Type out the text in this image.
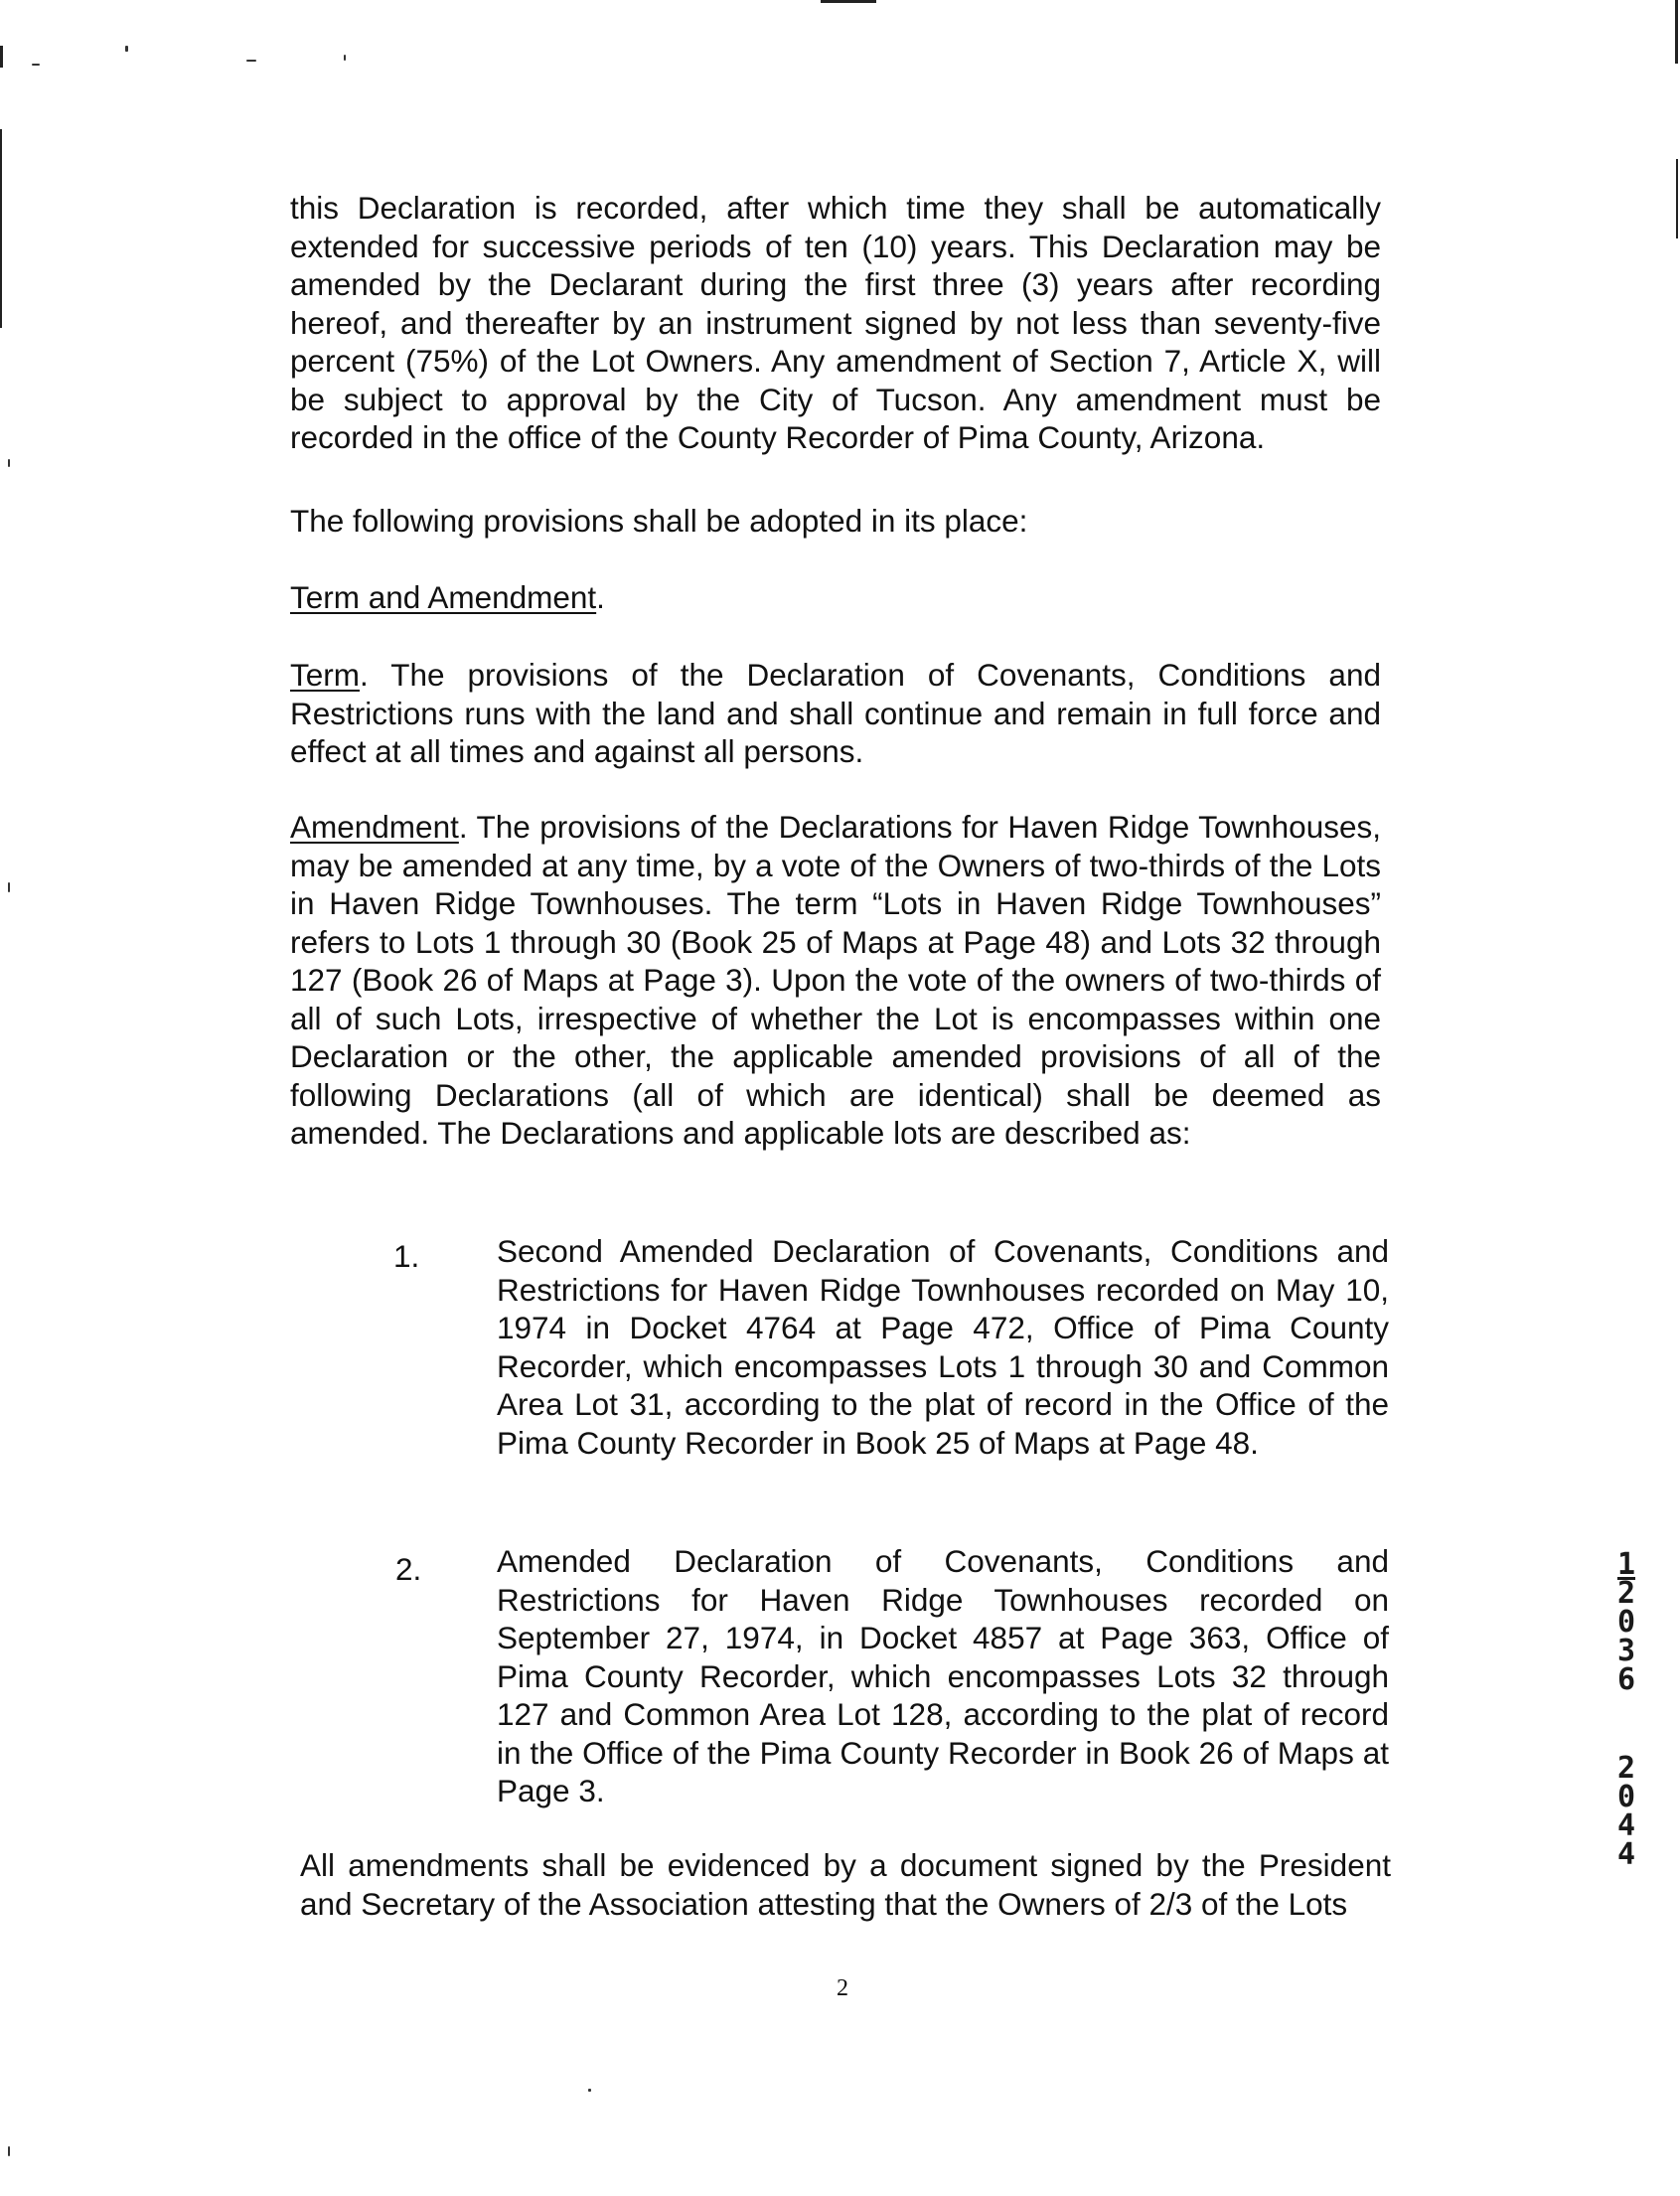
this Declaration is recorded, after which time they shall be automatically extended for successive periods of ten (10) years. This Declaration may be amended by the Declarant during the first three (3) years after recording hereof, and thereafter by an instrument signed by not less than seventy-five percent (75%) of the Lot Owners. Any amendment of Section 7, Article X, will be subject to approval by the City of Tucson. Any amendment must be recorded in the office of the County Recorder of Pima County, Arizona.

The following provisions shall be adopted in its place:

Term and Amendment.

Term. The provisions of the Declaration of Covenants, Conditions and Restrictions runs with the land and shall continue and remain in full force and effect at all times and against all persons.

Amendment. The provisions of the Declarations for Haven Ridge Townhouses, may be amended at any time, by a vote of the Owners of two-thirds of the Lots in Haven Ridge Townhouses. The term “Lots in Haven Ridge Townhouses” refers to Lots 1 through 30 (Book 25 of Maps at Page 48) and Lots 32 through 127 (Book 26 of Maps at Page 3). Upon the vote of the owners of two-thirds of all of such Lots, irrespective of whether the Lot is encompasses within one Declaration or the other, the applicable amended provisions of all of the following Declarations (all of which are identical) shall be deemed as amended. The Declarations and applicable lots are described as:

1. Second Amended Declaration of Covenants, Conditions and Restrictions for Haven Ridge Townhouses recorded on May 10, 1974 in Docket 4764 at Page 472, Office of Pima County Recorder, which encompasses Lots 1 through 30 and Common Area Lot 31, according to the plat of record in the Office of the Pima County Recorder in Book 25 of Maps at Page 48.

2. Amended Declaration of Covenants, Conditions and Restrictions for Haven Ridge Townhouses recorded on September 27, 1974, in Docket 4857 at Page 363, Office of Pima County Recorder, which encompasses Lots 32 through 127 and Common Area Lot 128, according to the plat of record in the Office of the Pima County Recorder in Book 26 of Maps at Page 3.

All amendments shall be evidenced by a document signed by the President and Secretary of the Association attesting that the Owners of 2/3 of the Lots

2

1
2
0
3
6
2
0
4
4
